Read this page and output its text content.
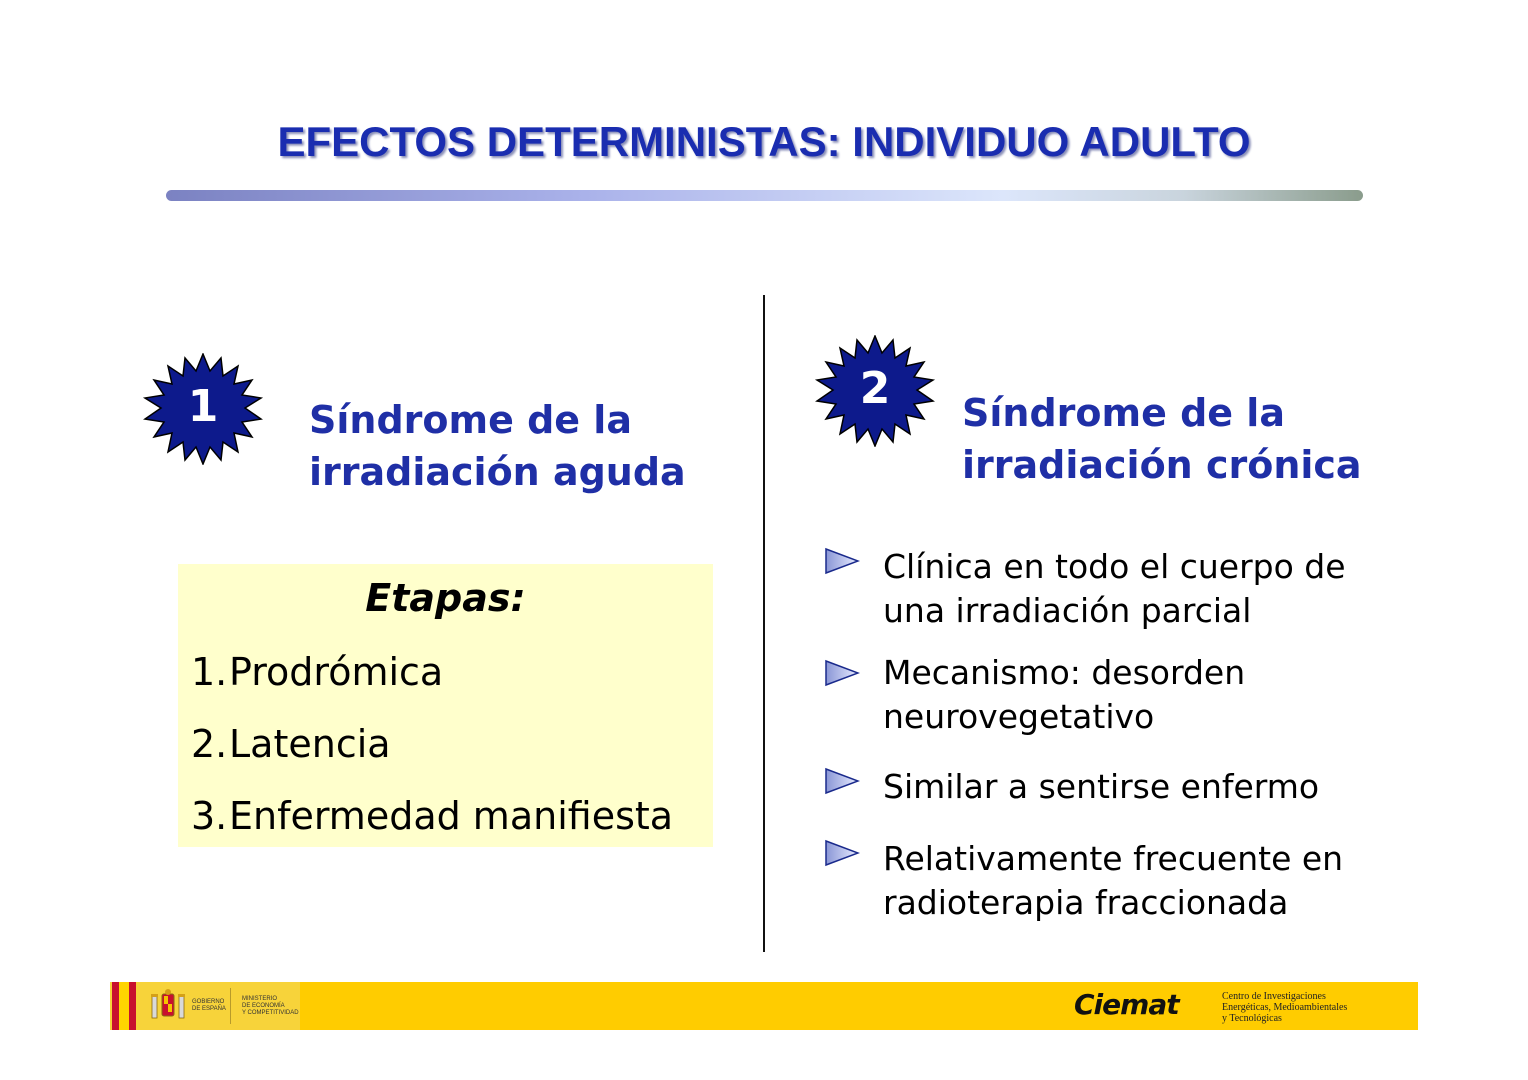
EFECTOS DETERMINISTAS: INDIVIDUO ADULTO
1	Síndrome de la
irradiación aguda
Etapas:
1.Prodrómica
2.Latencia
3.Enfermedad manifiesta
2	Síndrome de la
irradiación crónica
Clínica en todo el cuerpo de
una irradiación parcial
Mecanismo: desorden
neurovegetativo
Similar a sentirse enfermo
Relativamente frecuente en
radioterapia fraccionada
GOBIERNO
DE ESPAÑA
MINISTERIO
DE ECONOMÍA
Y COMPETITIVIDAD	Ciemat	Centro de Investigaciones
Energéticas, Medioambientales
y Tecnológicas
